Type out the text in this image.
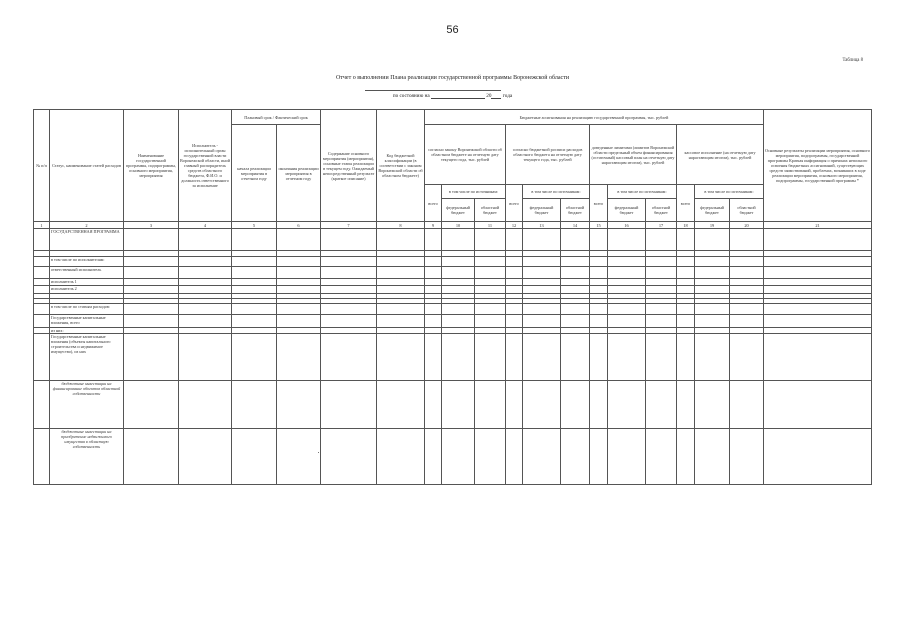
56
Таблица 8
Отчет о выполнении Плана реализации государственной программы Воронежской области
по состоянию на	20 года
№ п/п	Статус, наименование статей расходов	Наименование государственной программы, подпрограммы, основного мероприятия, мероприятия	Исполнитель - исполнительный орган государственной власти Воронежской области, иной главный распорядитель средств областного бюджета, Ф.И.О. и должность ответственного за исполнение	Плановый срок / Фактический срок		Содержание основного мероприятия (мероприятия), основные этапы реализации в текущем году. Ожидаемый непосредственный результат (краткое описание)	Код бюджетной классификации (в соответствии с законом Воронежской области об областном бюджете)	Бюджетные ассигнования на реализацию государственной программы, тыс. рублей												Основные результаты реализации мероприятия, основного мероприятия, подпрограммы, государственной программы Краткая информация о причинах неполного освоения бюджетных ассигнований, существующих средств заимствований, проблемах, возникших в ходе реализации мероприятия, основного мероприятия, подпрограммы, государственной программы *
				начала реализации мероприятия в отчетном году	окончания реализации мероприятия в отчетном году			согласно закону Воронежской области об областном бюджете на отчетную дату текущего года, тыс. рублей			согласно бюджетной росписи расходов областного бюджета на отчетную дату текущего года, тыс. рублей			доведенные лимитами (лимитов Воронежской области предельный объем финансирования (остаточный) кассовый план на отчетную дату нарастающим итогом), тыс. рублей			кассовое исполнение (на отчетную дату нарастающим итогом), тыс. рублей			
								всего	в том числе по источникам:		всего	в том числе по источникам:		всего	в том числе по источникам:		всего	в том числе по источникам:		
									федеральный бюджет	областной бюджет		федеральный бюджет	областной бюджет		федеральный бюджет	областной бюджет		федеральный бюджет	областной бюджет	
1	2	3	4	5	6	7	8	9	10	11	12	13	14	15	16	17	18	19	20	21
	ГОСУДАРСТВЕННАЯ ПРОГРАММА																			

	в том числе по исполнителям:																			
	ответственный исполнитель																			
	исполнитель 1																			
	исполнитель 2																			

	в том числе по статьям расходов:																			
	Государственные капитальные вложения, всего																			
	из них:																			
	Государственные капитальные вложения (объекты капитального строительства и недвижимое имущество), из них																			
	бюджетные инвестиции на финансирование объектов областной собственности																			
	бюджетные инвестиции на приобретение недвижимого имущества в областную собственность																			
